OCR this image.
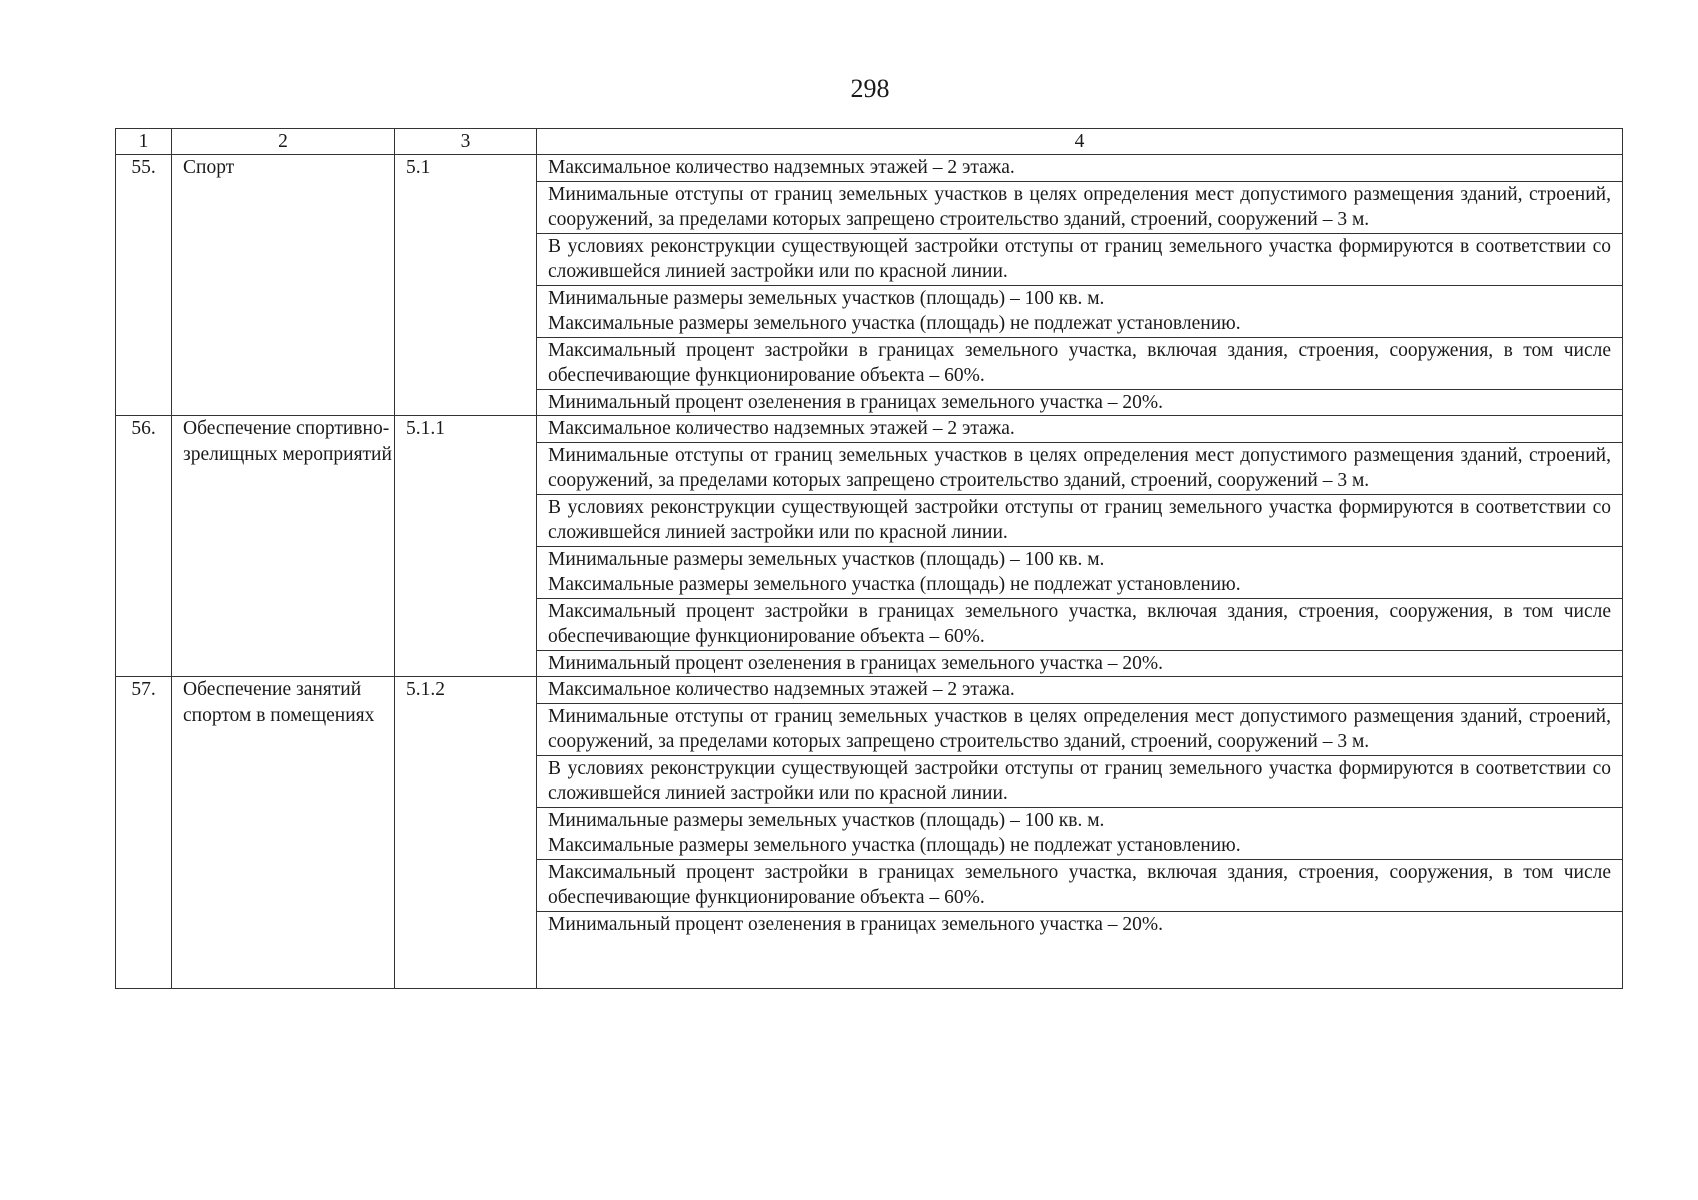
298
1	2	3	4
55.	Спорт	5.1	Максимальное количество надземных этажей – 2 этажа.

			Минимальные отступы от границ земельных участков в целях определения мест допустимого размещения зданий, строений, сооружений, за пределами которых запрещено строительство зданий, строений, сооружений – 3 м.

			В условиях реконструкции существующей застройки отступы от границ земельного участка формируются в соответствии со сложившейся линией застройки или по красной линии.

			Минимальные размеры земельных участков (площадь) – 100 кв. м.
Максимальные размеры земельного участка (площадь) не подлежат установлению.

			Максимальный процент застройки в границах земельного участка, включая здания, строения, сооружения, в том числе обеспечивающие функционирование объекта – 60%.

			Минимальный процент озеленения в границах земельного участка – 20%.

56.	Обеспечение спортивно-зрелищных мероприятий	5.1.1	Максимальное количество надземных этажей – 2 этажа.

			Минимальные отступы от границ земельных участков в целях определения мест допустимого размещения зданий, строений, сооружений, за пределами которых запрещено строительство зданий, строений, сооружений – 3 м.

			В условиях реконструкции существующей застройки отступы от границ земельного участка формируются в соответствии со сложившейся линией застройки или по красной линии.

			Минимальные размеры земельных участков (площадь) – 100 кв. м.
Максимальные размеры земельного участка (площадь) не подлежат установлению.

			Максимальный процент застройки в границах земельного участка, включая здания, строения, сооружения, в том числе обеспечивающие функционирование объекта – 60%.

			Минимальный процент озеленения в границах земельного участка – 20%.

57.	Обеспечение занятий спортом в помещениях	5.1.2	Максимальное количество надземных этажей – 2 этажа.

			Минимальные отступы от границ земельных участков в целях определения мест допустимого размещения зданий, строений, сооружений, за пределами которых запрещено строительство зданий, строений, сооружений – 3 м.

			В условиях реконструкции существующей застройки отступы от границ земельного участка формируются в соответствии со сложившейся линией застройки или по красной линии.

			Минимальные размеры земельных участков (площадь) – 100 кв. м.
Максимальные размеры земельного участка (площадь) не подлежат установлению.

			Максимальный процент застройки в границах земельного участка, включая здания, строения, сооружения, в том числе обеспечивающие функционирование объекта – 60%.

			Минимальный процент озеленения в границах земельного участка – 20%.
